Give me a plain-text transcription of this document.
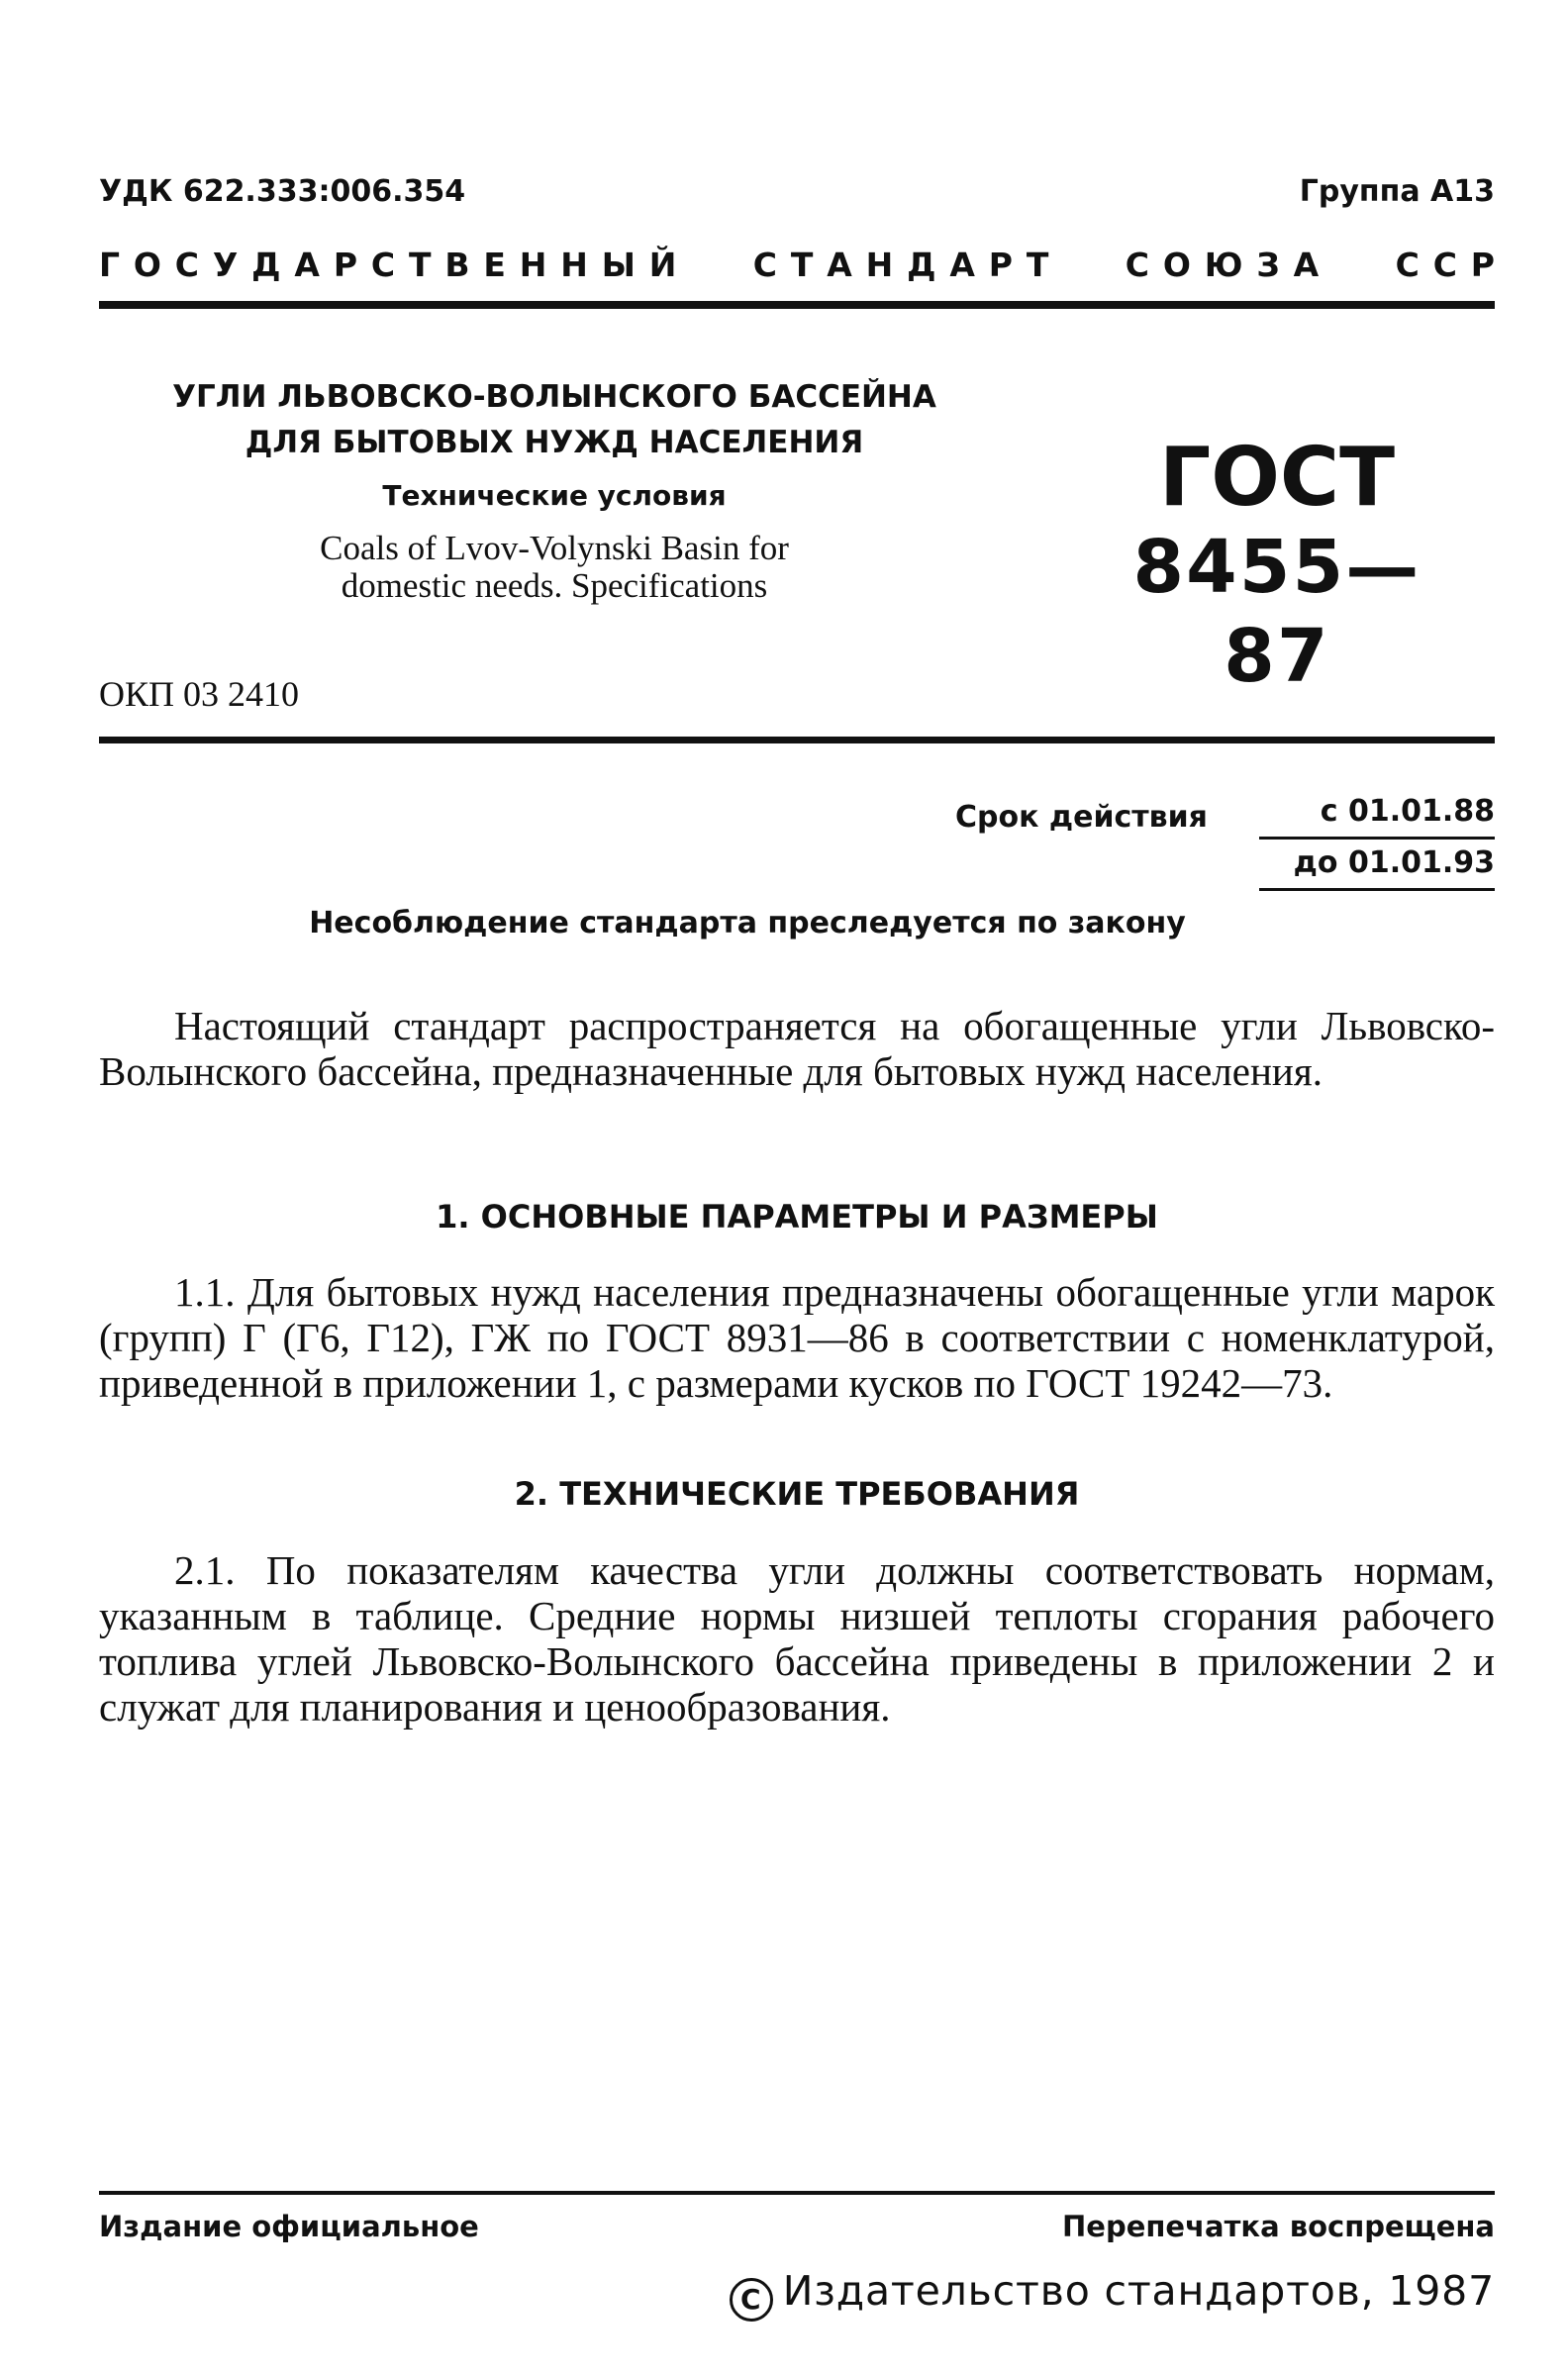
УДК 622.333:006.354	Группа А13
ГОСУДАРСТВЕННЫЙ СТАНДАРТ СОЮЗА ССР
УГЛИ ЛЬВОВСКО-ВОЛЫНСКОГО БАССЕЙНА
ДЛЯ БЫТОВЫХ НУЖД НАСЕЛЕНИЯ
Технические условия
Coals of Lvov-Volynski Basin for
domestic needs. Specifications
ГОСТ
8455—87
ОКП 03 2410
Срок действия	с 01.01.88
до 01.01.93
Несоблюдение стандарта преследуется по закону
Настоящий стандарт распространяется на обогащенные угли Львовско-Волынского бассейна, предназначенные для бытовых нужд населения.
1. ОСНОВНЫЕ ПАРАМЕТРЫ И РАЗМЕРЫ
1.1. Для бытовых нужд населения предназначены обогащенные угли марок (групп) Г (Г6, Г12), ГЖ по ГОСТ 8931—86 в соответствии с номенклатурой, приведенной в приложении 1, с размерами кусков по ГОСТ 19242—73.
2. ТЕХНИЧЕСКИЕ ТРЕБОВАНИЯ
2.1. По показателям качества угли должны соответствовать нормам, указанным в таблице. Средние нормы низшей теплоты сгорания рабочего топлива углей Львовско-Волынского бассейна приведены в приложении 2 и служат для планирования и ценообразования.
Издание официальное	Перепечатка воспрещена
C Издательство стандартов, 1987
